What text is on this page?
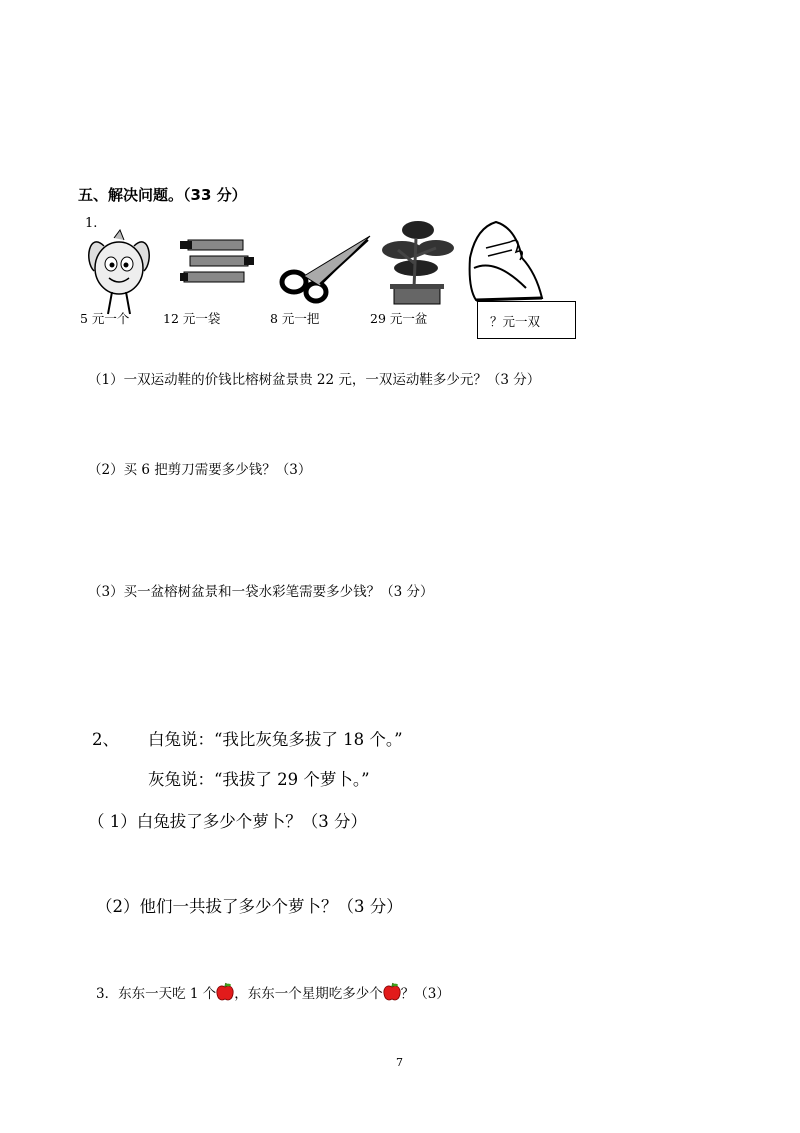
五、解决问题。（33 分）
1.
5 元一个	12 元一袋	8 元一把	29 元一盆	？元一双
（1）一双运动鞋的价钱比榕树盆景贵 22 元，一双运动鞋多少元？（3 分）
（2）买 6 把剪刀需要多少钱？（3）
（3）买一盆榕树盆景和一袋水彩笔需要多少钱？（3 分）
2、 白兔说：“我比灰兔多拔了 18 个。”
灰兔说：“我拔了 29 个萝卜。”
（ 1）白兔拔了多少个萝卜？（3 分）
（2）他们一共拔了多少个萝卜？（3 分）
3．东东一天吃 1 个 ，东东一个星期吃多少个 ？（3）
7
